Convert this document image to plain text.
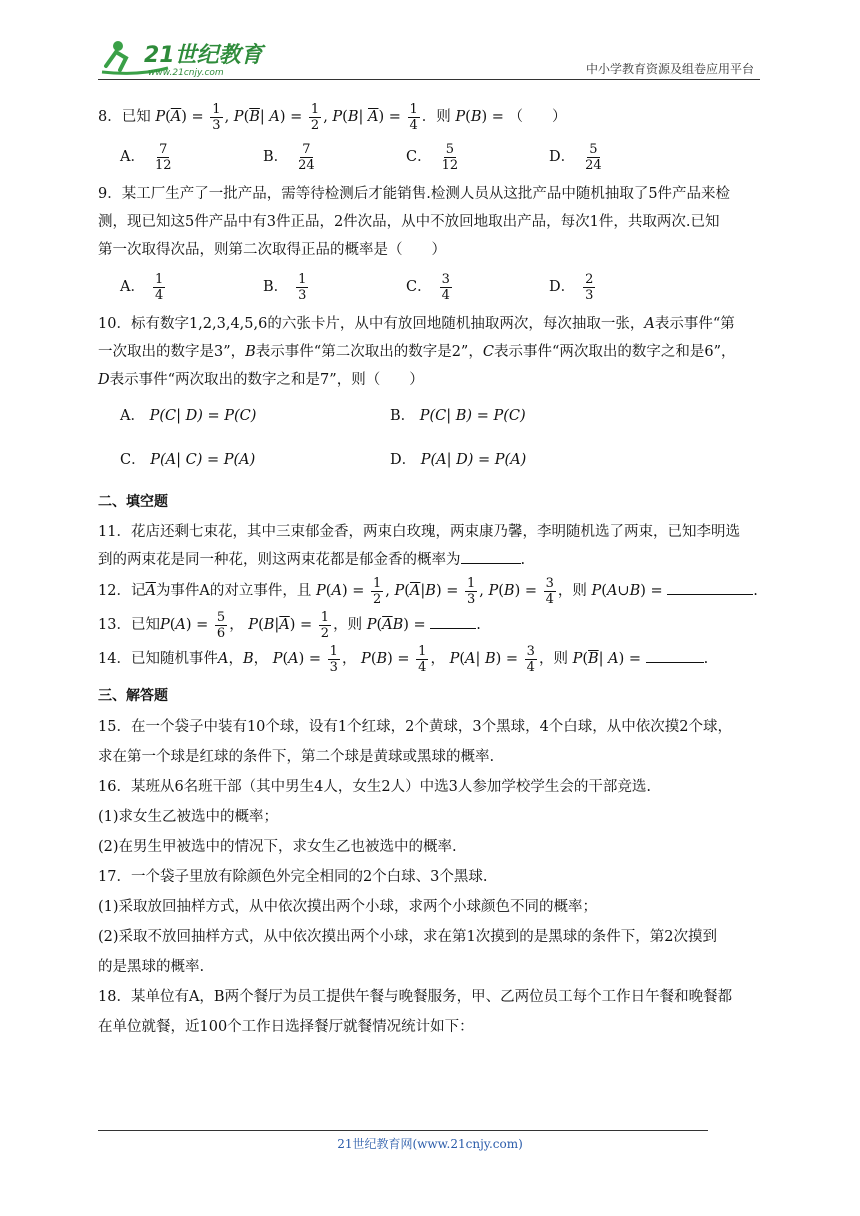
21世纪教育
www.21cnjy.com	中小学教育资源及组卷应用平台

8．已知 $P(\overline{A}) = \frac{1}{3}$ , $P(\overline{B}|$ $A) = \frac{1}{2}$ , P(B| $\overline{A}) = \frac{1}{4}$ ．则 P(B) = （　　）

A． $\frac{7}{12}$	B． $\frac{7}{24}$	C． $\frac{5}{12}$	D． $\frac{5}{24}$

9．某工厂生产了一批产品，需等待检测后才能销售.检测人员从这批产品中随机抽取了5件产品来检
测，现已知这5件产品中有3件正品，2件次品，从中不放回地取出产品，每次1件，共取两次.已知
第一次取得次品，则第二次取得正品的概率是（　　）

A． $\frac{1}{4}$	B． $\frac{1}{3}$	C． $\frac{3}{4}$	D． $\frac{2}{3}$

10．标有数字1,2,3,4,5,6的六张卡片，从中有放回地随机抽取两次，每次抽取一张，A表示事件“第
一次取出的数字是3”，B表示事件“第二次取出的数字是2”，C表示事件“两次取出的数字之和是6”，
D表示事件“两次取出的数字之和是7”，则（　　）

A． P(C| D) = P(C)	B． P(C| B) = P(C)
C． P(A| C) = P(A)	D． P(A| D) = P(A)
二、填空题

11．花店还剩七束花，其中三束郁金香，两束白玫瑰，两束康乃馨，李明随机选了两束，已知李明选
到的两束花是同一种花，则这两束花都是郁金香的概率为	.

12．记$\overline{A}$为事件A的对立事件，且 $P(A) = \frac{1}{2}$ , $P(\overline{A}|B) = \frac{1}{3}$ , $P(B) = \frac{3}{4}$ ，则 P(A∪B) =	.

13．已知$P(A) = \frac{5}{6}$ ， $P(B|\overline{A}) = \frac{1}{2}$ ，则 $P(\overline{A}B)$ =	.

14．已知随机事件A，B， $P(A) = \frac{1}{3}$ ， $P(B) = \frac{1}{4}$ ， P(A| $B) = \frac{3}{4}$ ，则 $P(\overline{B}|$ A) =	.

三、解答题

15．在一个袋子中装有10个球，设有1个红球，2个黄球，3个黑球，4个白球，从中依次摸2个球，
求在第一个球是红球的条件下，第二个球是黄球或黑球的概率.

16．某班从6名班干部（其中男生4人，女生2人）中选3人参加学校学生会的干部竞选.
(1)求女生乙被选中的概率；
(2)在男生甲被选中的情况下，求女生乙也被选中的概率.

17．一个袋子里放有除颜色外完全相同的2个白球、3个黑球.
(1)采取放回抽样方式，从中依次摸出两个小球，求两个小球颜色不同的概率；
(2)采取不放回抽样方式，从中依次摸出两个小球，求在第1次摸到的是黑球的条件下，第2次摸到
的是黑球的概率.

18．某单位有A，B两个餐厅为员工提供午餐与晚餐服务，甲、乙两位员工每个工作日午餐和晚餐都
在单位就餐，近100个工作日选择餐厅就餐情况统计如下：

21世纪教育网(www.21cnjy.com)
